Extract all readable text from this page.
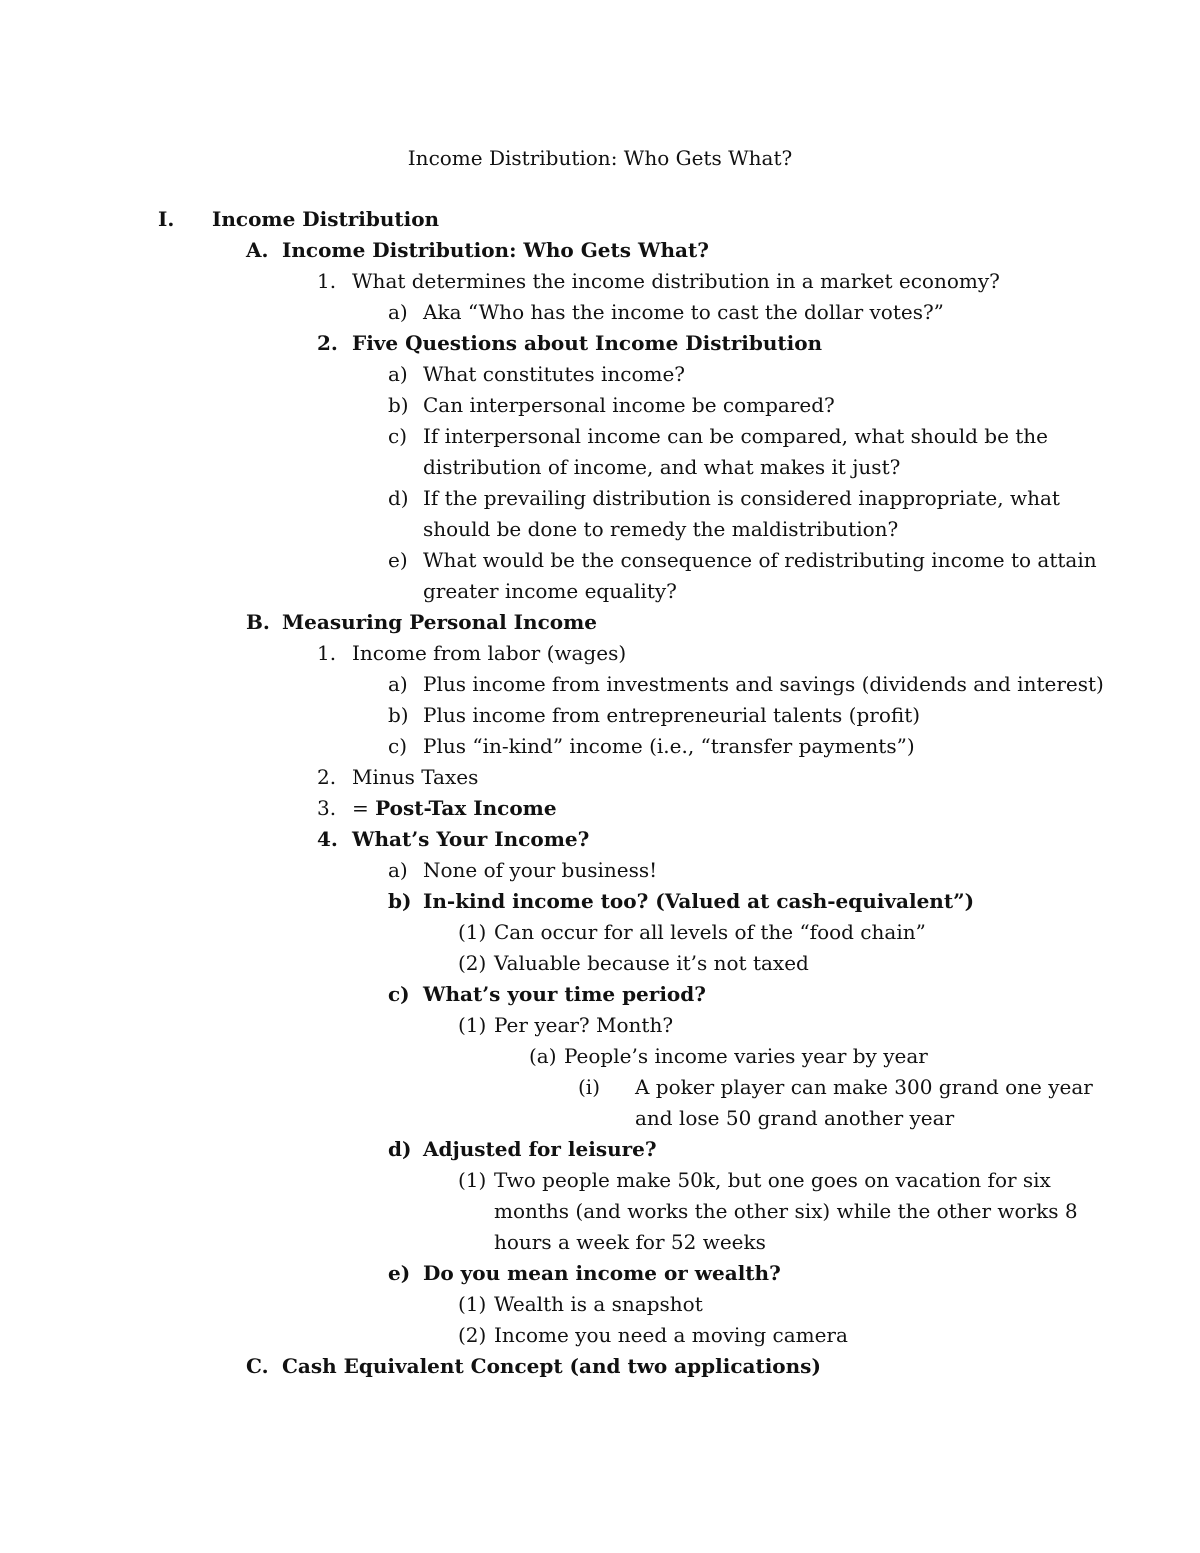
Income Distribution: Who Gets What?
I. Income Distribution
A. Income Distribution: Who Gets What?
1. What determines the income distribution in a market economy?
a) Aka “Who has the income to cast the dollar votes?”
2. Five Questions about Income Distribution
a) What constitutes income?
b) Can interpersonal income be compared?
c) If interpersonal income can be compared, what should be the
distribution of income, and what makes it just?
d) If the prevailing distribution is considered inappropriate, what
should be done to remedy the maldistribution?
e) What would be the consequence of redistributing income to attain
greater income equality?
B. Measuring Personal Income
1. Income from labor (wages)
a) Plus income from investments and savings (dividends and interest)
b) Plus income from entrepreneurial talents (profit)
c) Plus “in-kind” income (i.e., “transfer payments”)
2. Minus Taxes
3. = Post-Tax Income
4. What’s Your Income?
a) None of your business!
b) In-kind income too? (Valued at cash-equivalent”)
(1) Can occur for all levels of the “food chain”
(2) Valuable because it’s not taxed
c) What’s your time period?
(1) Per year? Month?
(a) People’s income varies year by year
(i) A poker player can make 300 grand one year
and lose 50 grand another year
d) Adjusted for leisure?
(1) Two people make 50k, but one goes on vacation for six
months (and works the other six) while the other works 8
hours a week for 52 weeks
e) Do you mean income or wealth?
(1) Wealth is a snapshot
(2) Income you need a moving camera
C. Cash Equivalent Concept (and two applications)
